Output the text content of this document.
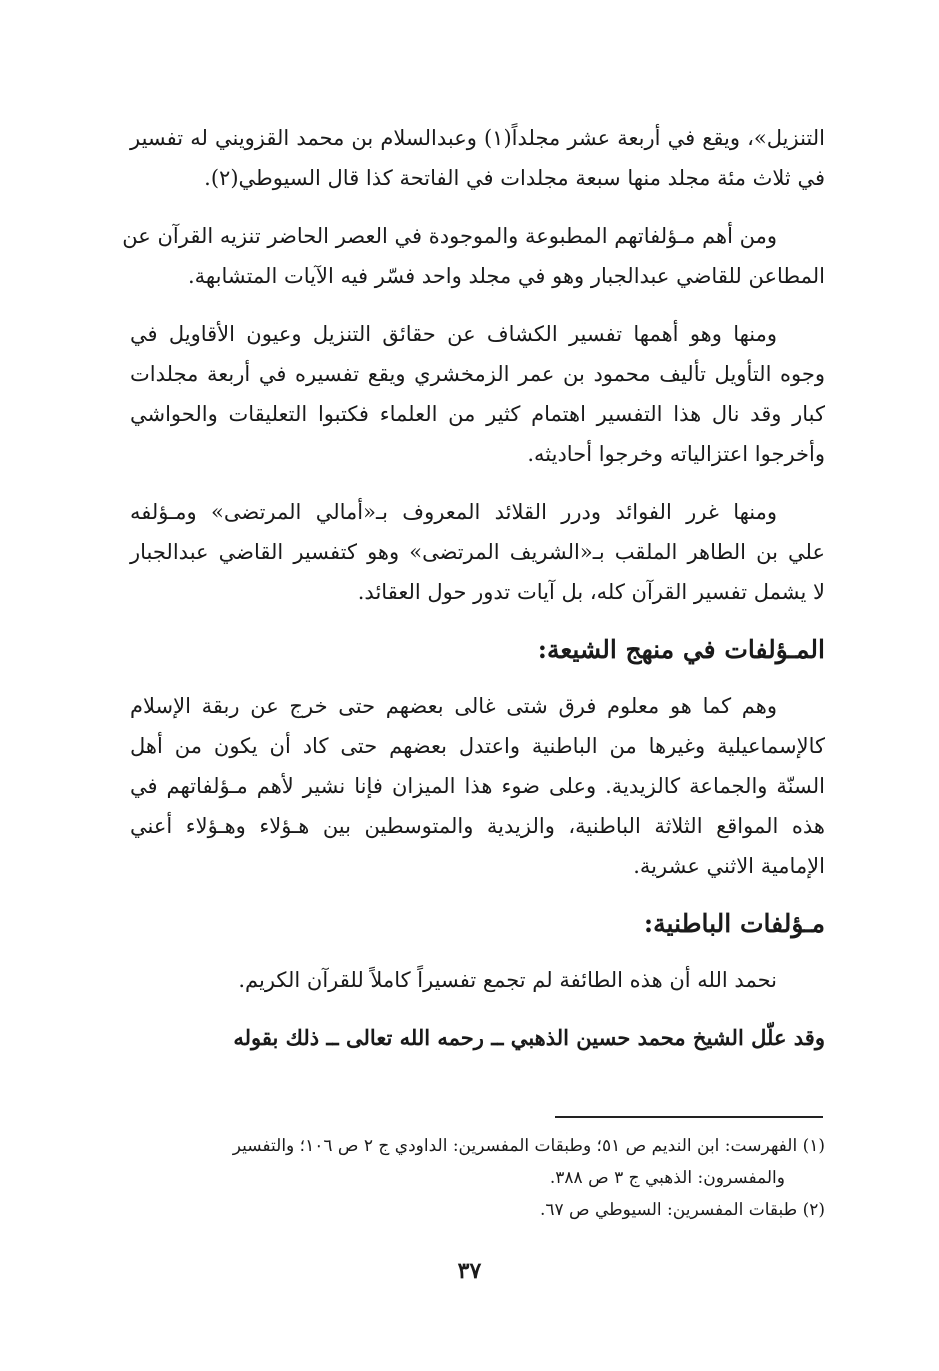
التنزيل»، ويقع في أربعة عشر مجلداً(١) وعبدالسلام بن محمد القزويني له تفسير
في ثلاث مئة مجلد منها سبعة مجلدات في الفاتحة كذا قال السيوطي(٢).
ومن أهم مـؤلفاتهم المطبوعة والموجودة في العصر الحاضر تنزيه القرآن عن
المطاعن للقاضي عبدالجبار وهو في مجلد واحد فسّر فيه الآيات المتشابهة.
ومنها وهو أهمها تفسير الكشاف عن حقائق التنزيل وعيون الأقاويل في
وجوه التأويل تأليف محمود بن عمر الزمخشري ويقع تفسيره في أربعة مجلدات
كبار وقد نال هذا التفسير اهتمام كثير من العلماء فكتبوا التعليقات والحواشي
وأخرجوا اعتزالياته وخرجوا أحاديثه.
ومنها غرر الفوائد ودرر القلائد المعروف بـ«أمالي المرتضى» ومـؤلفه
علي بن الطاهر الملقب بـ«الشريف المرتضى» وهو كتفسير القاضي عبدالجبار
لا يشمل تفسير القرآن كله، بل آيات تدور حول العقائد.
المـؤلفات في منهج الشيعة:
وهم كما هو معلوم فرق شتى غالى بعضهم حتى خرج عن ربقة الإسلام
كالإسماعيلية وغيرها من الباطنية واعتدل بعضهم حتى كاد أن يكون من أهل
السنّة والجماعة كالزيدية. وعلى ضوء هذا الميزان فإنا نشير لأهم مـؤلفاتهم في
هذه المواقع الثلاثة الباطنية، والزيدية والمتوسطين بين هـؤلاء وهـؤلاء أعني
الإمامية الاثني عشرية.
مـؤلفات الباطنية:
نحمد الله أن هذه الطائفة لم تجمع تفسيراً كاملاً للقرآن الكريم.
وقد علّل الشيخ محمد حسين الذهبي ــ رحمه الله تعالى ــ ذلك بقوله
(١) الفهرست: ابن النديم ص ٥١؛ وطبقات المفسرين: الداودي ج ٢ ص ١٠٦؛ والتفسير
والمفسرون: الذهبي ج ٣ ص ٣٨٨.
(٢) طبقات المفسرين: السيوطي ص ٦٧.
٣٧
